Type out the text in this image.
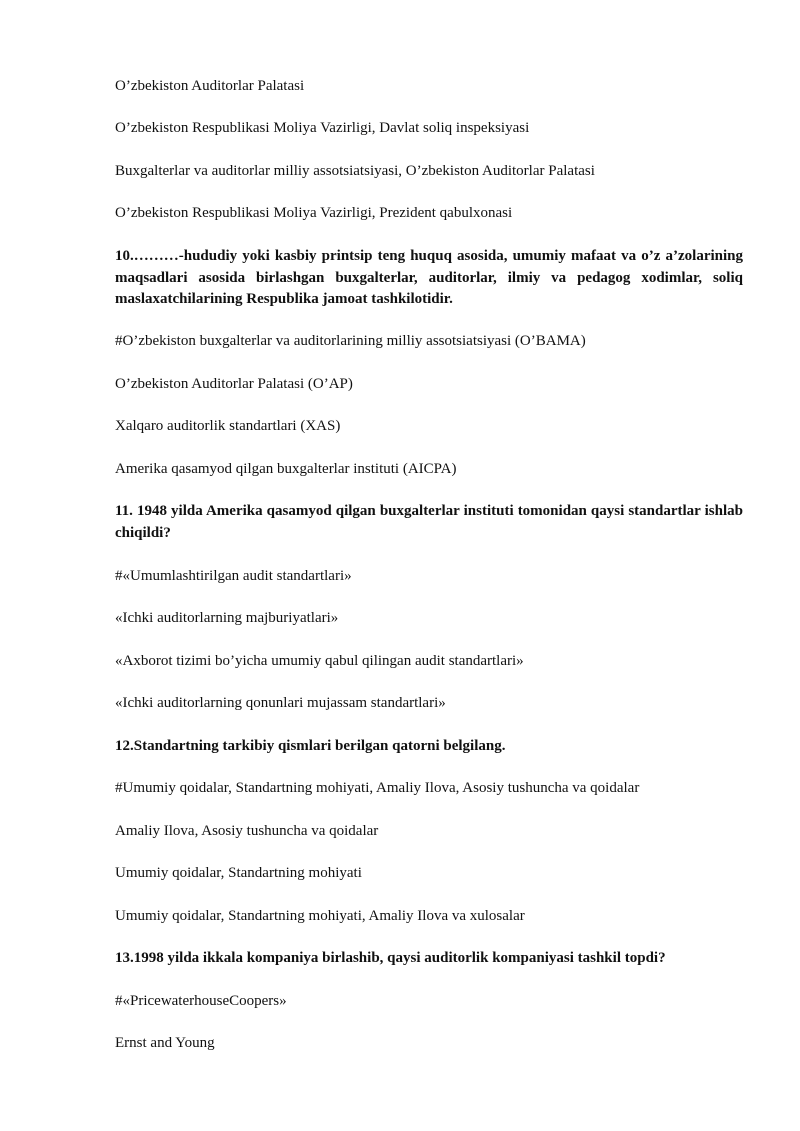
O’zbekiston Auditorlar Palatasi
O’zbekiston Respublikasi Moliya Vazirligi, Davlat soliq inspeksiyasi
Buxgalterlar va auditorlar milliy assotsiatsiyasi, O’zbekiston Auditorlar Palatasi
O’zbekiston Respublikasi Moliya Vazirligi, Prezident qabulxonasi
10.………-hududiy yoki kasbiy printsip teng huquq asosida, umumiy mafaat va o’z a’zolarining maqsadlari asosida birlashgan buxgalterlar, auditorlar, ilmiy va pedagog xodimlar, soliq maslaxatchilarining Respublika jamoat tashkilotidir.
#O’zbekiston buxgalterlar va auditorlarining milliy assotsiatsiyasi (O’BAMA)
O’zbekiston Auditorlar Palatasi (O’AP)
Xalqaro auditorlik standartlari (XAS)
Amerika qasamyod qilgan buxgalterlar instituti (AICPA)
11. 1948 yilda Amerika qasamyod qilgan buxgalterlar instituti tomonidan qaysi standartlar ishlab chiqildi?
#«Umumlashtirilgan audit standartlari»
«Ichki auditorlarning majburiyatlari»
«Axborot tizimi bo’yicha umumiy qabul qilingan audit standartlari»
«Ichki auditorlarning qonunlari mujassam standartlari»
12.Standartning tarkibiy qismlari berilgan qatorni belgilang.
#Umumiy qoidalar, Standartning mohiyati, Amaliy Ilova, Asosiy tushuncha va qoidalar
Amaliy Ilova, Asosiy tushuncha va qoidalar
Umumiy qoidalar, Standartning mohiyati
Umumiy qoidalar, Standartning mohiyati, Amaliy Ilova va xulosalar
13.1998 yilda ikkala kompaniya birlashib, qaysi auditorlik kompaniyasi tashkil topdi?
#«PricewaterhouseCoopers»
Ernst and Young
